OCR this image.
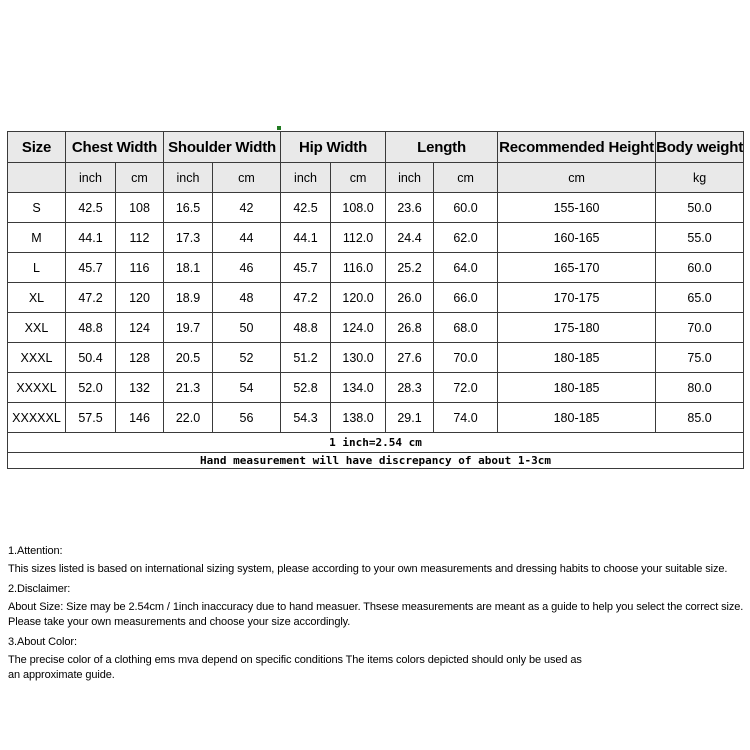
Size	Chest Width		Shoulder Width		Hip Width		Length		Recommended Height	Body weight
	inch	cm	inch	cm	inch	cm	inch	cm	cm	kg
S	42.5	108	16.5	42	42.5	108.0	23.6	60.0	155-160	50.0
M	44.1	112	17.3	44	44.1	112.0	24.4	62.0	160-165	55.0
L	45.7	116	18.1	46	45.7	116.0	25.2	64.0	165-170	60.0
XL	47.2	120	18.9	48	47.2	120.0	26.0	66.0	170-175	65.0
XXL	48.8	124	19.7	50	48.8	124.0	26.8	68.0	175-180	70.0
XXXL	50.4	128	20.5	52	51.2	130.0	27.6	70.0	180-185	75.0
XXXXL	52.0	132	21.3	54	52.8	134.0	28.3	72.0	180-185	80.0
XXXXXL	57.5	146	22.0	56	54.3	138.0	29.1	74.0	180-185	85.0
1 inch=2.54 cm										
Hand measurement will have discrepancy of about 1-3cm										
1.Attention:
This sizes listed is based on international sizing system, please according to your own measurements and dressing habits to choose your suitable size.
2.Disclaimer:
About Size: Size may be 2.54cm / 1inch inaccuracy due to hand measuer. Thsese measurements are meant as a guide to help you select the correct size.
Please take your own measurements and choose your size accordingly.
3.About Color:
The precise color of a clothing ems mva depend on specific conditions The items colors depicted should only be used as
an approximate guide.
